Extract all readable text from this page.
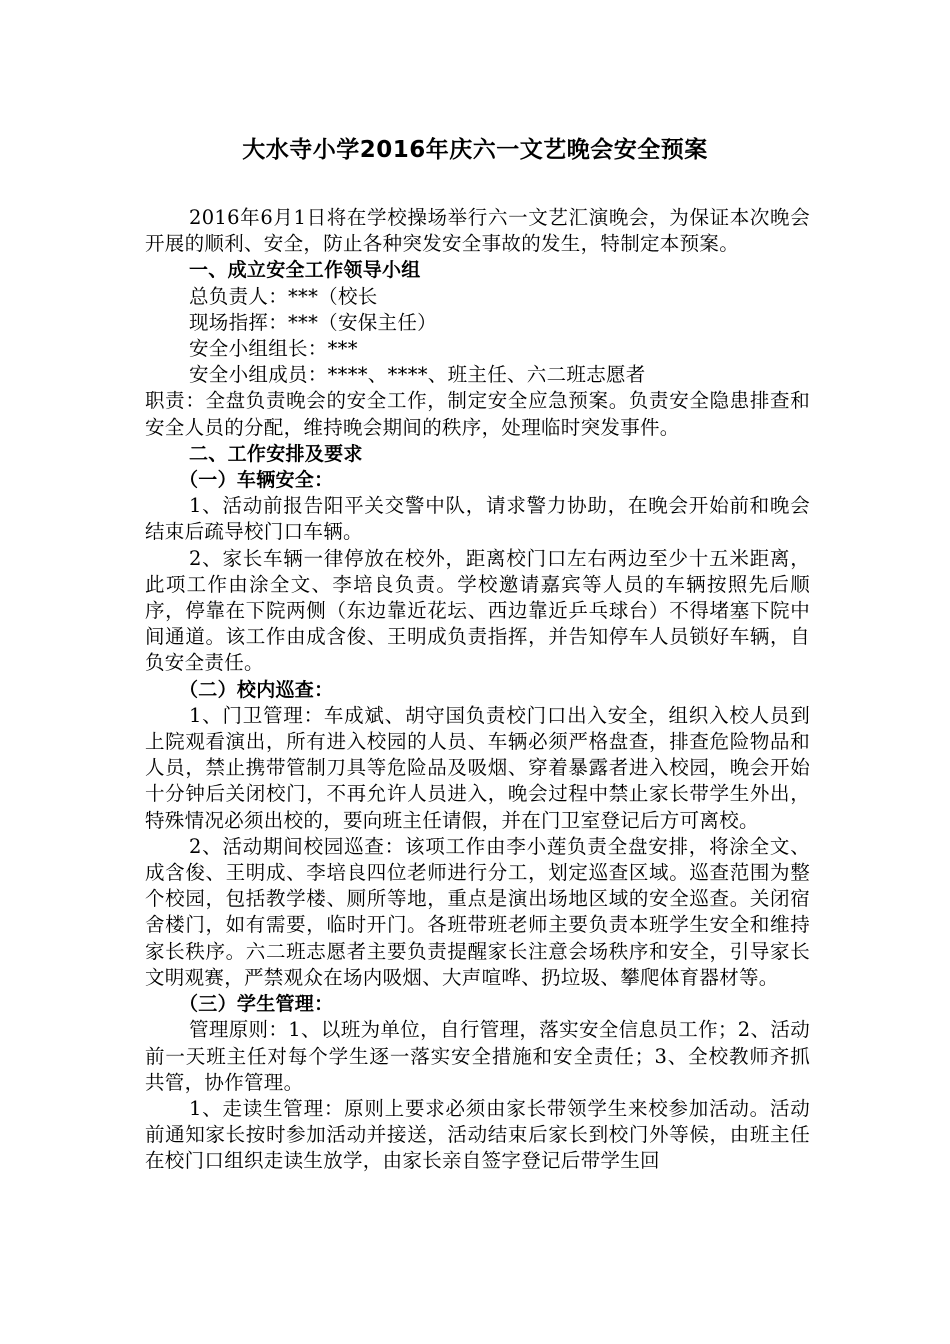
大水寺小学2016年庆六一文艺晚会安全预案

2016年6月1日将在学校操场举行六一文艺汇演晚会，为保证本次晚会开展的顺利、安全，防止各种突发安全事故的发生，特制定本预案。

一、成立安全工作领导小组

总负责人：***（校长

现场指挥：***（安保主任）

安全小组组长：***

安全小组成员：****、****、班主任、六二班志愿者

职责：全盘负责晚会的安全工作，制定安全应急预案。负责安全隐患排查和安全人员的分配，维持晚会期间的秩序，处理临时突发事件。

二、工作安排及要求

（一）车辆安全：

1、活动前报告阳平关交警中队，请求警力协助，在晚会开始前和晚会结束后疏导校门口车辆。

2、家长车辆一律停放在校外，距离校门口左右两边至少十五米距离，此项工作由涂全文、李培良负责。学校邀请嘉宾等人员的车辆按照先后顺序，停靠在下院两侧（东边靠近花坛、西边靠近乒乓球台）不得堵塞下院中间通道。该工作由成含俊、王明成负责指挥，并告知停车人员锁好车辆，自负安全责任。

（二）校内巡查：

1、门卫管理：车成斌、胡守国负责校门口出入安全，组织入校人员到上院观看演出，所有进入校园的人员、车辆必须严格盘查，排查危险物品和人员，禁止携带管制刀具等危险品及吸烟、穿着暴露者进入校园，晚会开始十分钟后关闭校门，不再允许人员进入，晚会过程中禁止家长带学生外出，特殊情况必须出校的，要向班主任请假，并在门卫室登记后方可离校。

2、活动期间校园巡查：该项工作由李小莲负责全盘安排，将涂全文、成含俊、王明成、李培良四位老师进行分工，划定巡查区域。巡查范围为整个校园，包括教学楼、厕所等地，重点是演出场地区域的安全巡查。关闭宿舍楼门，如有需要，临时开门。各班带班老师主要负责本班学生安全和维持家长秩序。六二班志愿者主要负责提醒家长注意会场秩序和安全，引导家长文明观赛，严禁观众在场内吸烟、大声喧哗、扔垃圾、攀爬体育器材等。

（三）学生管理：

管理原则：1、以班为单位，自行管理，落实安全信息员工作；2、活动前一天班主任对每个学生逐一落实安全措施和安全责任；3、全校教师齐抓共管，协作管理。

1、走读生管理：原则上要求必须由家长带领学生来校参加活动。活动前通知家长按时参加活动并接送，活动结束后家长到校门外等候，由班主任在校门口组织走读生放学，由家长亲自签字登记后带学生回
